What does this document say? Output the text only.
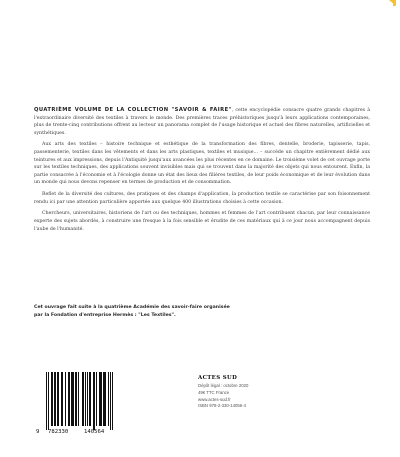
QUATRIÈME VOLUME DE LA COLLECTION "SAVOIR & FAIRE", cette encyclopédie consacre quatre grands chapitres à l'extraordinaire diversité des textiles à travers le monde. Des premières traces préhistoriques jusqu'à leurs applications contemporaines, plus de trente-cinq contributions offrent au lecteur un panorama complet de l'usage historique et actuel des fibres naturelles, artificielles et synthétiques.

Aux arts des textiles – histoire technique et esthétique de la transformation des fibres, dentelle, broderie, tapisserie, tapis, passementerie, textiles dans les vêtements et dans les arts plastiques, textiles et musique… – succède un chapitre entièrement dédié aux teintures et aux impressions, depuis l'Antiquité jusqu'aux avancées les plus récentes en ce domaine. Le troisième volet de cet ouvrage porte sur les textiles techniques, des applications souvent invisibles mais qui se trouvent dans la majorité des objets qui nous entourent. Enfin, la partie consacrée à l'économie et à l'écologie donne un état des lieux des filières textiles, de leur poids économique et de leur évolution dans un monde qui nous devons repenser en termes de production et de consommation.

Reflet de la diversité des cultures, des pratiques et des champs d'application, la production textile se caractérise par son foisonnement rendu ici par une attention particulière apportée aux quelque 400 illustrations choisies à cette occasion.

Chercheurs, universitaires, historiens de l'art ou des techniques, hommes et femmes de l'art contribuent chacun, par leur connaissance experte des sujets abordés, à construire une fresque à la fois sensible et érudite de ces matériaux qui à ce jour nous accompagnent depuis l'aube de l'humanité.

Cet ouvrage fait suite à la quatrième Académie des savoir-faire organisée
par la Fondation d'entreprise Hermès : "Les Textiles".
9 782330	140564
ACTES SUD
Dépôt légal : octobre 2020
49€ TTC France
www.actes-sud.fr
ISBN 978-2-330-14056-4
